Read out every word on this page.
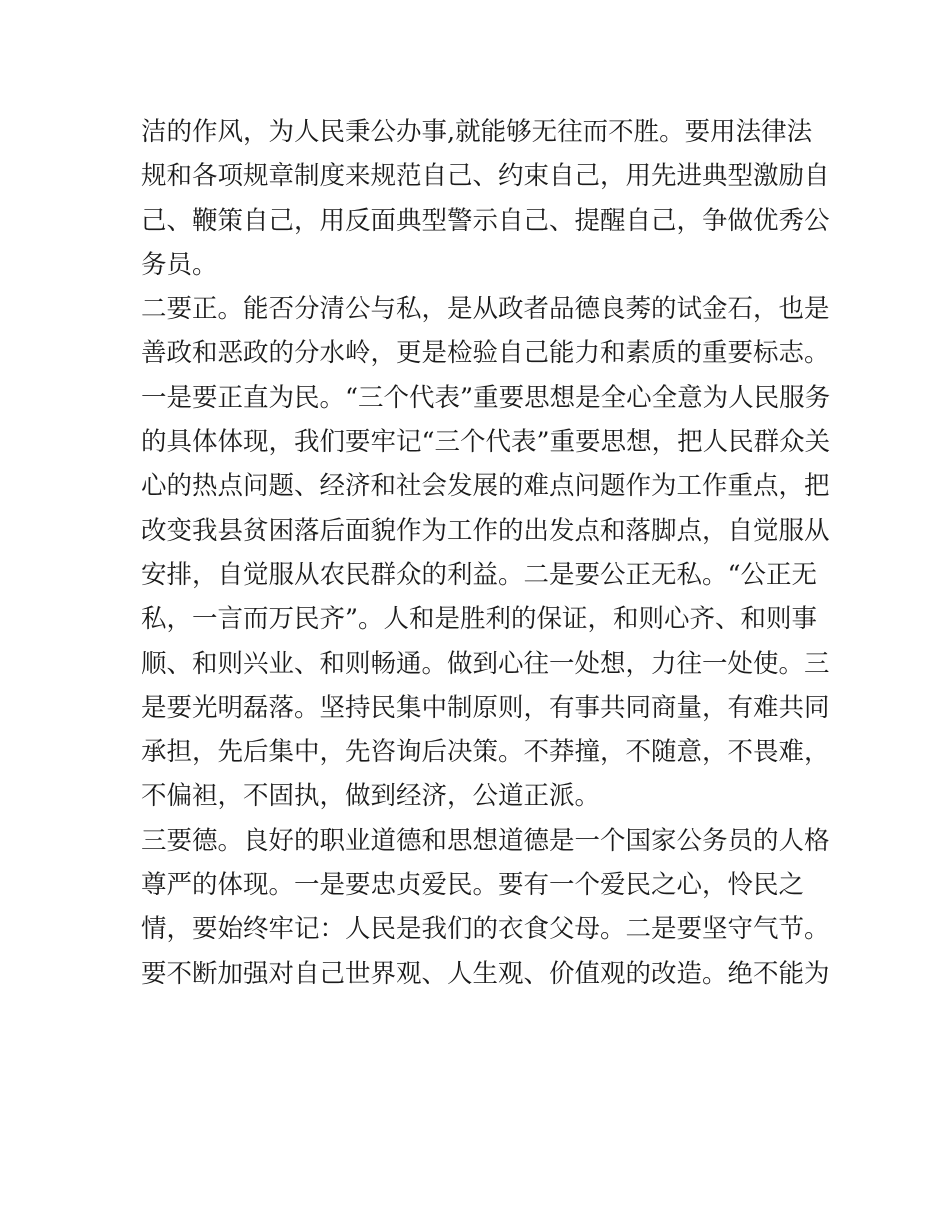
洁的作风，为人民秉公办事,就能够无往而不胜。要用法律法

规和各项规章制度来规范自己、约束自己，用先进典型激励自

己、鞭策自己，用反面典型警示自己、提醒自己，争做优秀公

务员。

二要正。能否分清公与私，是从政者品德良莠的试金石，也是

善政和恶政的分水岭，更是检验自己能力和素质的重要标志。

一是要正直为民。“三个代表”重要思想是全心全意为人民服务

的具体体现，我们要牢记“三个代表”重要思想，把人民群众关

心的热点问题、经济和社会发展的难点问题作为工作重点，把

改变我县贫困落后面貌作为工作的出发点和落脚点，自觉服从

安排，自觉服从农民群众的利益。二是要公正无私。“公正无

私，一言而万民齐”。人和是胜利的保证，和则心齐、和则事

顺、和则兴业、和则畅通。做到心往一处想，力往一处使。三

是要光明磊落。坚持民集中制原则，有事共同商量，有难共同

承担，先后集中，先咨询后决策。不莽撞，不随意，不畏难，

不偏袒，不固执，做到经济，公道正派。

三要德。良好的职业道德和思想道德是一个国家公务员的人格

尊严的体现。一是要忠贞爱民。要有一个爱民之心，怜民之

情，要始终牢记：人民是我们的衣食父母。二是要坚守气节。

要不断加强对自己世界观、人生观、价值观的改造。绝不能为
